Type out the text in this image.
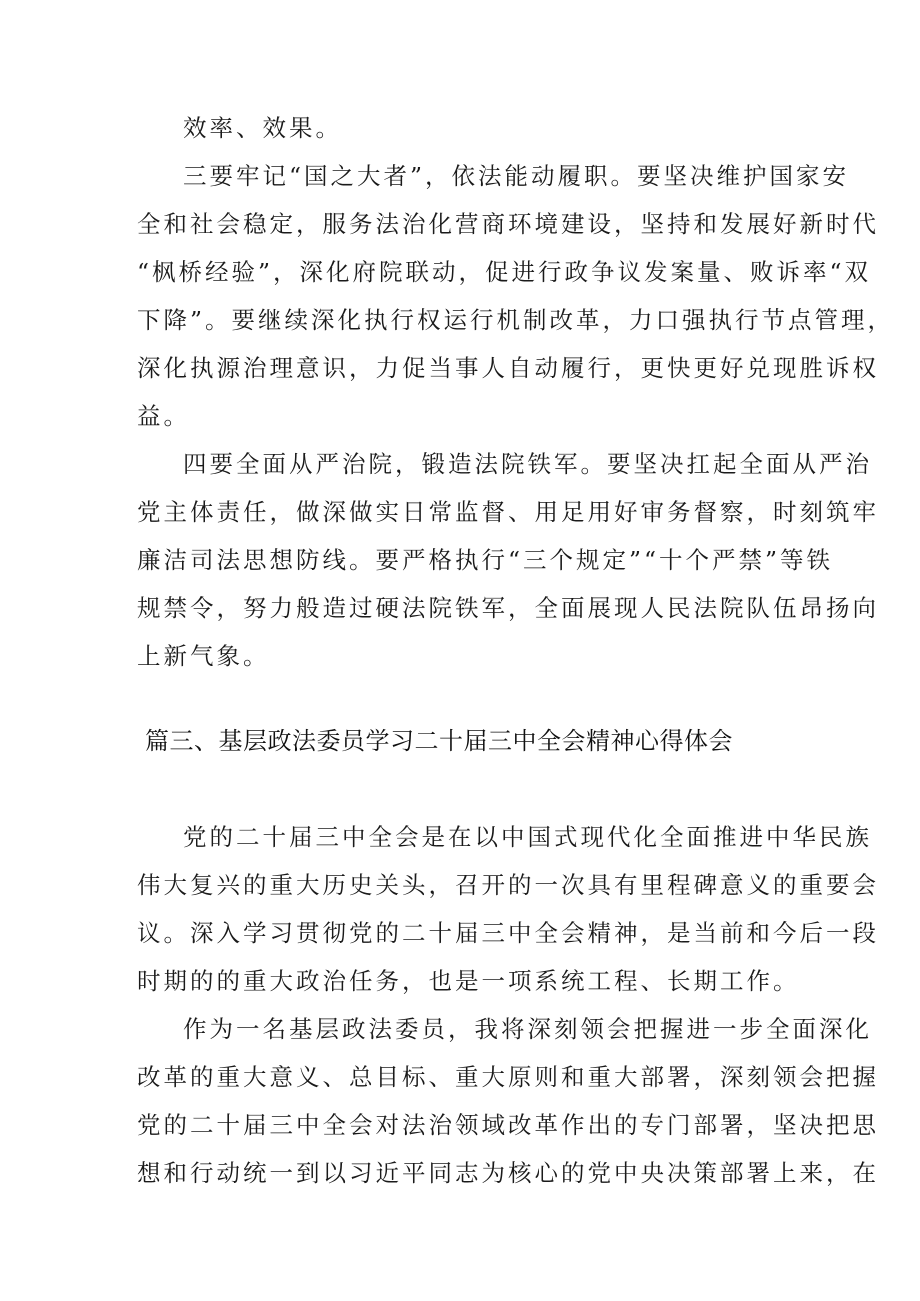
效率、效果。
三要牢记“国之大者”，依法能动履职。要坚决维护国家安
全和社会稳定，服务法治化营商环境建设，坚持和发展好新时代
“枫桥经验”，深化府院联动，促进行政争议发案量、败诉率“双
下降”。要继续深化执行权运行机制改革，力口强执行节点管理，
深化执源治理意识，力促当事人自动履行，更快更好兑现胜诉权
益。
四要全面从严治院，锻造法院铁军。要坚决扛起全面从严治
党主体责任，做深做实日常监督、用足用好审务督察，时刻筑牢
廉洁司法思想防线。要严格执行“三个规定”“十个严禁”等铁
规禁令，努力般造过硬法院铁军，全面展现人民法院队伍昂扬向
上新气象。
篇三、基层政法委员学习二十届三中全会精神心得体会
党的二十届三中全会是在以中国式现代化全面推进中华民族
伟大复兴的重大历史关头，召开的一次具有里程碑意义的重要会
议。深入学习贯彻党的二十届三中全会精神，是当前和今后一段
时期的的重大政治任务，也是一项系统工程、长期工作。
作为一名基层政法委员，我将深刻领会把握进一步全面深化
改革的重大意义、总目标、重大原则和重大部署，深刻领会把握
党的二十届三中全会对法治领域改革作出的专门部署，坚决把思
想和行动统一到以习近平同志为核心的党中央决策部署上来，在
